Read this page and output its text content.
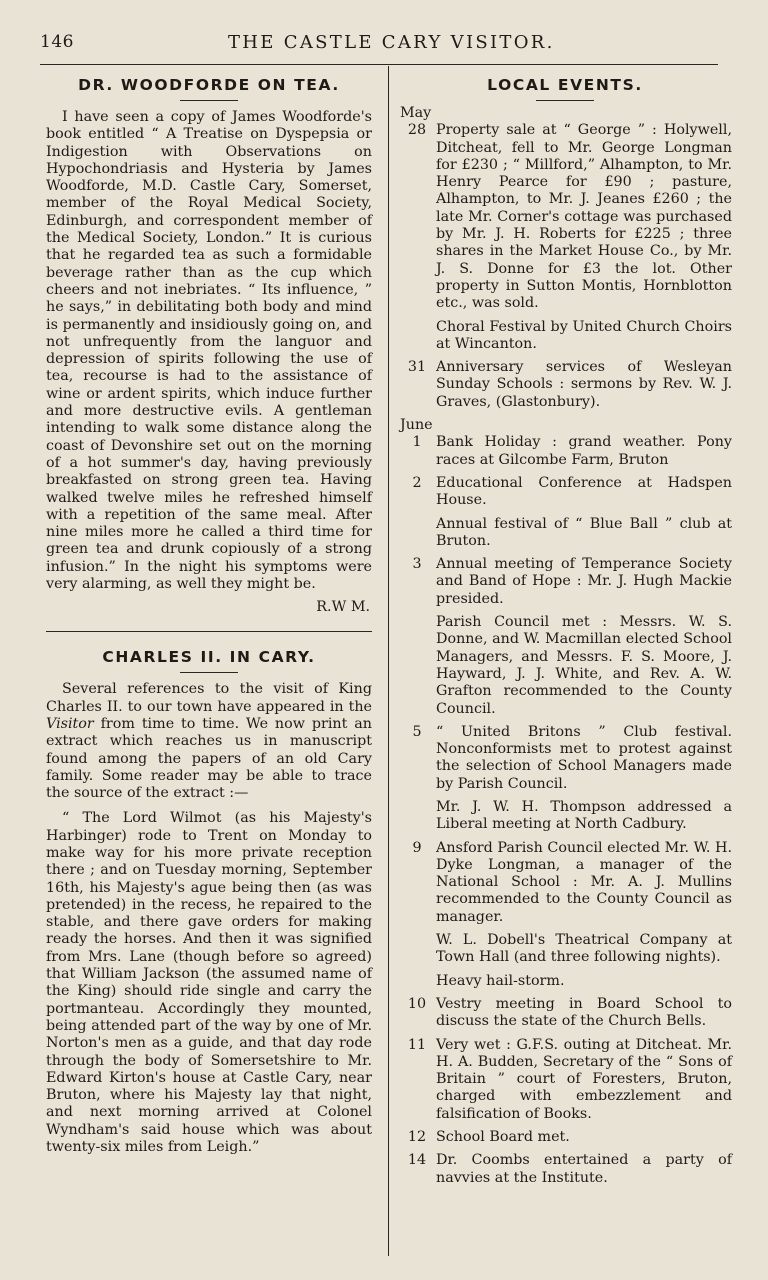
146	THE CASTLE CARY VISITOR.
DR. WOODFORDE ON TEA.

I have seen a copy of James Woodforde's book entitled “ A Treatise on Dyspepsia or Indigestion with Observations on Hypochondriasis and Hysteria by James Woodforde, M.D. Castle Cary, Somerset, member of the Royal Medical Society, Edinburgh, and correspondent member of the Medical Society, London.” It is curious that he regarded tea as such a formidable beverage rather than as the cup which cheers and not inebriates. “ Its influence, ” he says,” in debilitating both body and mind is permanently and insidiously going on, and not unfrequently from the languor and depression of spirits following the use of tea, recourse is had to the assistance of wine or ardent spirits, which induce further and more destructive evils. A gentleman intending to walk some distance along the coast of Devonshire set out on the morning of a hot summer's day, having previously breakfasted on strong green tea. Having walked twelve miles he refreshed himself with a repetition of the same meal. After nine miles more he called a third time for green tea and drunk copiously of a strong infusion.” In the night his symptoms were very alarming, as well they might be.

R.W M.

CHARLES II. IN CARY.

Several references to the visit of King Charles II. to our town have appeared in the Visitor from time to time. We now print an extract which reaches us in manuscript found among the papers of an old Cary family. Some reader may be able to trace the source of the extract :—

“ The Lord Wilmot (as his Majesty's Harbinger) rode to Trent on Monday to make way for his more private reception there ; and on Tuesday morning, September 16th, his Majesty's ague being then (as was pretended) in the recess, he repaired to the stable, and there gave orders for making ready the horses. And then it was signified from Mrs. Lane (though before so agreed) that William Jackson (the assumed name of the King) should ride single and carry the portmanteau. Accordingly they mounted, being attended part of the way by one of Mr. Norton's men as a guide, and that day rode through the body of Somersetshire to Mr. Edward Kirton's house at Castle Cary, near Bruton, where his Majesty lay that night, and next morning arrived at Colonel Wyndham's said house which was about twenty-six miles from Leigh.”

LOCAL EVENTS.

May

28 Property sale at “ George ” : Holywell, Ditcheat, fell to Mr. George Longman for £230 ; “ Millford,” Alhampton, to Mr. Henry Pearce for £90 ; pasture, Alhampton, to Mr. J. Jeanes £260 ; the late Mr. Corner's cottage was purchased by Mr. J. H. Roberts for £225 ; three shares in the Market House Co., by Mr. J. S. Donne for £3 the lot. Other property in Sutton Montis, Hornblotton etc., was sold.

Choral Festival by United Church Choirs at Wincanton.

31 Anniversary services of Wesleyan Sunday Schools : sermons by Rev. W. J. Graves, (Glastonbury).

June

1	Bank Holiday : grand weather. Pony races at Gilcombe Farm, Bruton

2	Educational Conference at Hadspen House.

Annual festival of “ Blue Ball ” club at Bruton.

3	Annual meeting of Temperance Society and Band of Hope : Mr. J. Hugh Mackie presided.

Parish Council met : Messrs. W. S. Donne, and W. Macmillan elected School Managers, and Messrs. F. S. Moore, J. Hayward, J. J. White, and Rev. A. W. Grafton recommended to the County Council.

5	“ United Britons ” Club festival. Nonconformists met to protest against the selection of School Managers made by Parish Council.

Mr. J. W. H. Thompson addressed a Liberal meeting at North Cadbury.

9	Ansford Parish Council elected Mr. W. H. Dyke Longman, a manager of the National School : Mr. A. J. Mullins recommended to the County Council as manager.

W. L. Dobell's Theatrical Company at Town Hall (and three following nights).

Heavy hail-storm.

10 Vestry meeting in Board School to discuss the state of the Church Bells.

11 Very wet : G.F.S. outing at Ditcheat. Mr. H. A. Budden, Secretary of the “ Sons of Britain ” court of Foresters, Bruton, charged with embezzlement and falsification of Books.

12 School Board met.

14 Dr. Coombs entertained a party of navvies at the Institute.
